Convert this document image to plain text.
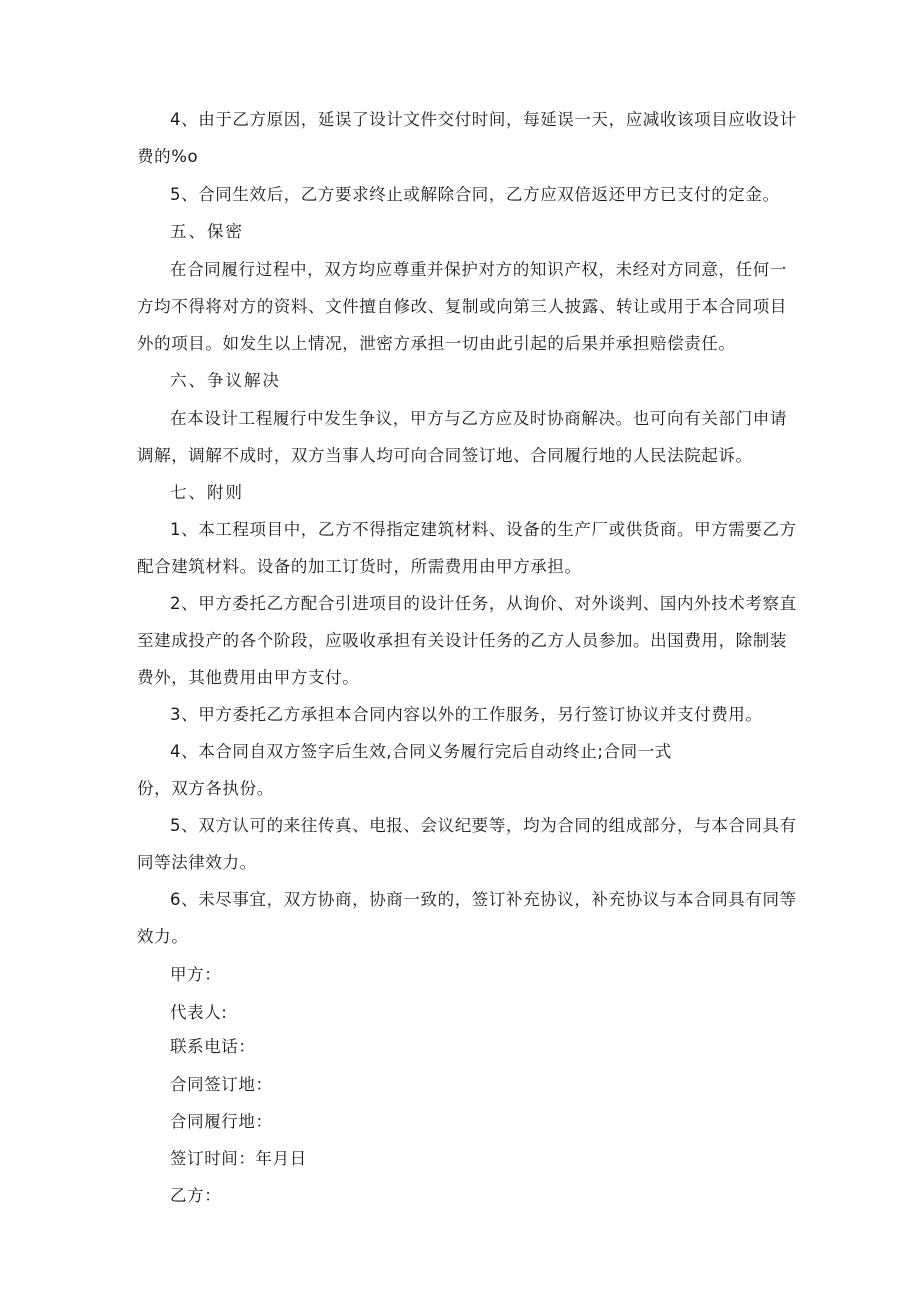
4、由于乙方原因，延误了设计文件交付时间，每延误一天，应减收该项目应收设计
费的%o
5、合同生效后，乙方要求终止或解除合同，乙方应双倍返还甲方已支付的定金。
五、保密
在合同履行过程中，双方均应尊重并保护对方的知识产权，未经对方同意，任何一
方均不得将对方的资料、文件擅自修改、复制或向第三人披露、转让或用于本合同项目
外的项目。如发生以上情况，泄密方承担一切由此引起的后果并承担赔偿责任。
六、争议解决
在本设计工程履行中发生争议，甲方与乙方应及时协商解决。也可向有关部门申请
调解，调解不成时，双方当事人均可向合同签订地、合同履行地的人民法院起诉。
七、附则
1、本工程项目中，乙方不得指定建筑材料、设备的生产厂或供货商。甲方需要乙方
配合建筑材料。设备的加工订货时，所需费用由甲方承担。
2、甲方委托乙方配合引进项目的设计任务，从询价、对外谈判、国内外技术考察直
至建成投产的各个阶段，应吸收承担有关设计任务的乙方人员参加。出国费用，除制装
费外，其他费用由甲方支付。
3、甲方委托乙方承担本合同内容以外的工作服务，另行签订协议并支付费用。
4、本合同自双方签字后生效,合同义务履行完后自动终止;合同一式
份，双方各执份。
5、双方认可的来往传真、电报、会议纪要等，均为合同的组成部分，与本合同具有
同等法律效力。
6、未尽事宜，双方协商，协商一致的，签订补充协议，补充协议与本合同具有同等
效力。
甲方：
代表人:
联系电话：
合同签订地：
合同履行地：
签订时间：年月日
乙方：
